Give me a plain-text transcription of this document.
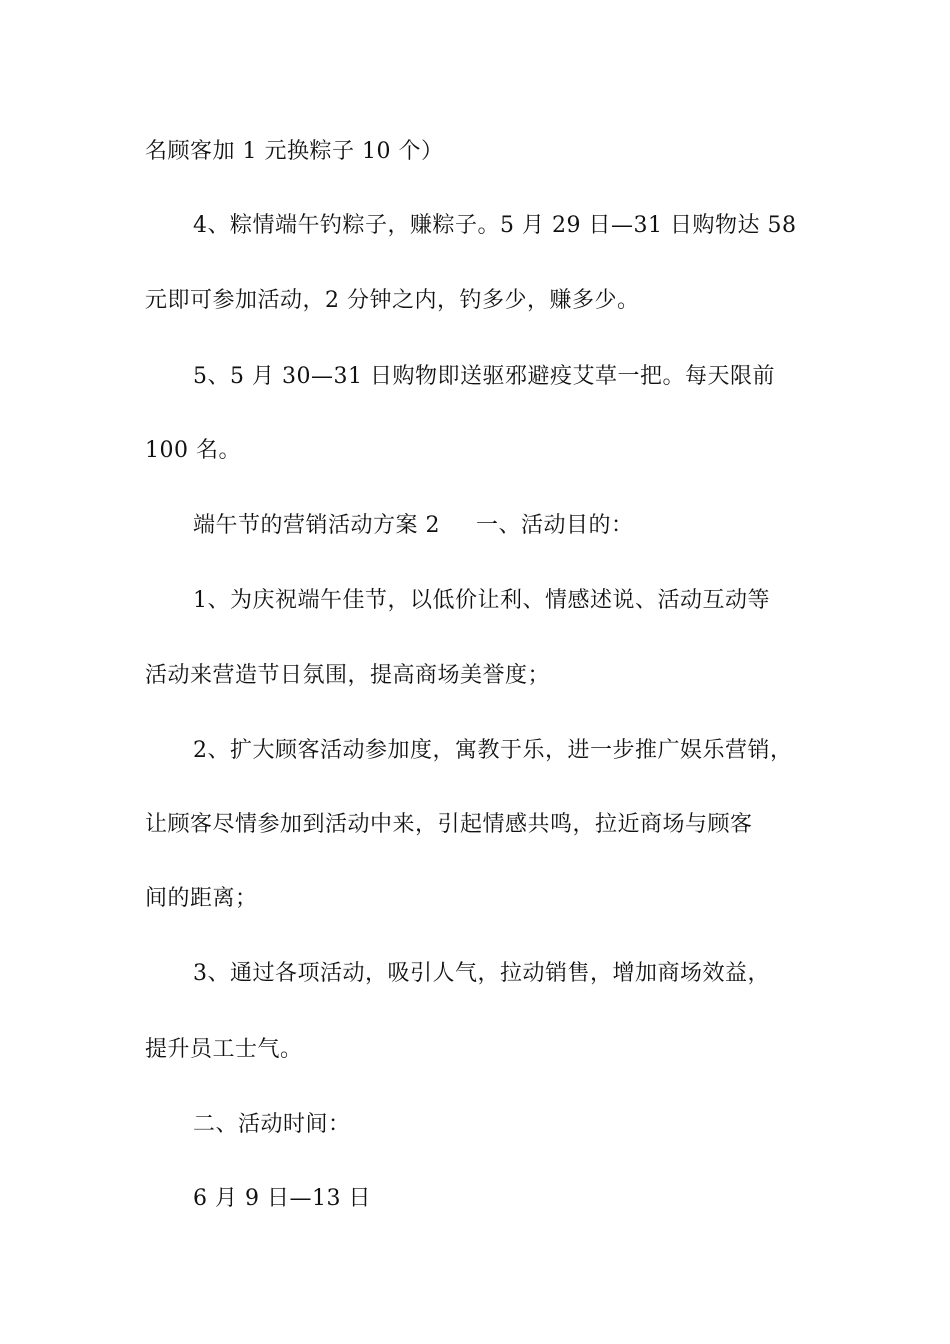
名顾客加 1 元换粽子 10 个）
4、粽情端午钓粽子，赚粽子。5 月 29 日—31 日购物达 58
元即可参加活动，2 分钟之内，钓多少，赚多少。
5、5 月 30—31 日购物即送驱邪避疫艾草一把。每天限前
100 名。
端午节的营销活动方案 2 一、活动目的：
1、为庆祝端午佳节，以低价让利、情感述说、活动互动等
活动来营造节日氛围，提高商场美誉度；
2、扩大顾客活动参加度，寓教于乐，进一步推广娱乐营销，
让顾客尽情参加到活动中来，引起情感共鸣，拉近商场与顾客
间的距离；
3、通过各项活动，吸引人气，拉动销售，增加商场效益，
提升员工士气。
二、活动时间：
6 月 9 日—13 日
